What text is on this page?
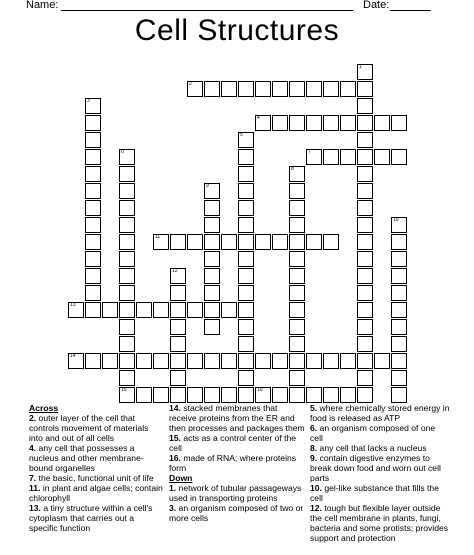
Name:	Date:
Cell Structures
1
2
3
4
5
6	7
8
9
10
11
12
13
14
15	16
Across
2. outer layer of the cell that controls movement of materials into and out of all cells
4. any cell that possesses a nucleus and other membrane-bound organelles
7. the basic, functional unit of life
11. in plant and algae cells; contain chlorophyll
13. a tiny structure within a cell's cytoplasm that carries out a specific function
14. stacked membranes that receive proteins from the ER and then processes and packages them
15. acts as a control center of the cell
16. made of RNA; where proteins form
Down
1. network of tubular passageways used in transporting proteins
3. an organism composed of two or more cells
5. where chemically stored energy in food is released as ATP
6. an organism composed of one cell
8. any cell that lacks a nucleus
9. contain digestive enzymes to break down food and worn out cell parts
10. gel-like substance that fills the cell
12. tough but flexible layer outside the cell membrane in plants, fungi, bacteria and some protists; provides support and protection
